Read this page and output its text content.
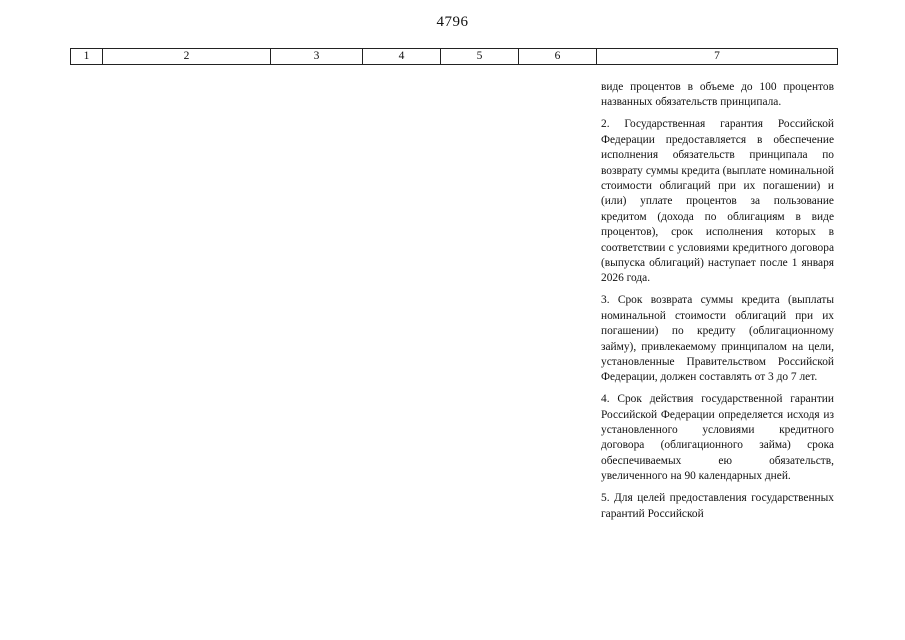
4796
1	2	3	4	5	6	7

виде процентов в объеме до 100 процентов названных обязательств принципала.

2. Государственная гарантия Российской Федерации предоставляется в обеспечение исполнения обязательств принципала по возврату суммы кредита (выплате номинальной стоимости облигаций при их погашении) и (или) уплате процентов за пользование кредитом (дохода по облигациям в виде процентов), срок исполнения которых в соответствии с условиями кредитного договора (выпуска облигаций) наступает после 1 января 2026 года.

3. Срок возврата суммы кредита (выплаты номинальной стоимости облигаций при их погашении) по кредиту (облигационному займу), привлекаемому принципалом на цели, установленные Правительством Российской Федерации, должен составлять от 3 до 7 лет.

4. Срок действия государственной гарантии Российской Федерации определяется исходя из установленного условиями кредитного договора (облигационного займа) срока обеспечиваемых ею обязательств, увеличенного на 90 календарных дней.

5. Для целей предоставления государственных гарантий Российской
